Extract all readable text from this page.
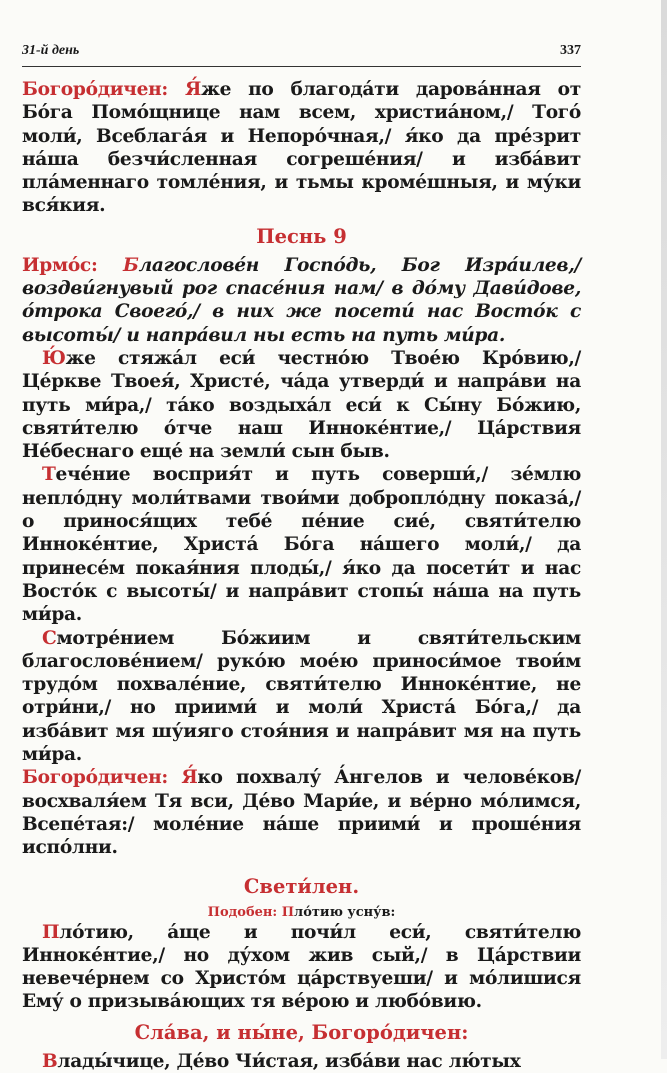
31-й день	337

Богоро́дичен: Я́же по благода́ти дарова́нная от Бо́га Помо́щнице нам всем, христиа́ном,/ Того́ моли́, Всеблага́я и Непоро́чная,/ я́ко да пре́зрит на́ша безчи́сленная согреше́ния/ и изба́вит пла́меннаго томле́ния, и тьмы кроме́шныя, и му́ки вся́кия.

Песнь 9

Ирмо́с: Благослове́н Госпо́дь, Бог Изра́илев,/ воздви́гнувый рог спасе́ния нам/ в до́му Дави́дове, о́трока Своего́,/ в них же посети́ нас Восто́к с высоты́/ и напра́вил ны есть на путь ми́ра.

Ю́же стяжа́л еси́ честно́ю Твое́ю Кро́вию,/ Це́ркве Твоея́, Христе́, ча́да утверди́ и напра́ви на путь ми́ра,/ та́ко воздыха́л еси́ к Сы́ну Бо́жию, святи́телю о́тче наш Иннoке́нтие,/ Ца́рствия Не́беснаго еще́ на земли́ сын быв.

Тече́ние восприя́т и путь соверши́,/ зе́млю непло́дну моли́твами твои́ми доброплo̒дну показа́,/ о принося́щих тебе́ пе́ние сие́, святи́телю Инноке́нтие, Христа́ Бо́га на́шего моли́,/ да принесе́м покая́ния плоды́,/ я́ко да посети́т и нас Восто́к с высоты́/ и напра́вит стопы́ на́ша на путь ми́ра.

Смотре́нием Бо́жиим и святи́тельским благослове́нием/ руко́ю мое́ю принoси́мое твои́м трудо́м похвале́ние, святи́телю Иннoке́нтие, не отри́ни,/ но приими́ и моли́ Христа́ Бо́га,/ да изба́вит мя шу́ияго стоя́ния и напра́вит мя на путь ми́ра.

Богоро́дичен: Я́ко похвалу́ А́нгелов и челове́ков/ восхваля́ем Тя вси, Де́во Мари́е, и ве́рно мо́лимся, Всепе́тая:/ моле́ние на́ше приими́ и проше́ния испо́лни.

Свети́лен.
Подобен: Пло́тию усну́в:

Пло́тию, а́ще и почи́л еси́, святи́телю Инноке́нтие,/ но ду́хом жив сый,/ в Ца́рствии невече́рнем со Христо́м ца́рствуеши/ и мо́лишися Ему́ о призыва́ющих тя ве́рою и любо́вию.

Сла́ва, и ны́не, Богоро́дичен:

Влады́чице, Де́во Чи́стая, изба́ви нас лю́тых
